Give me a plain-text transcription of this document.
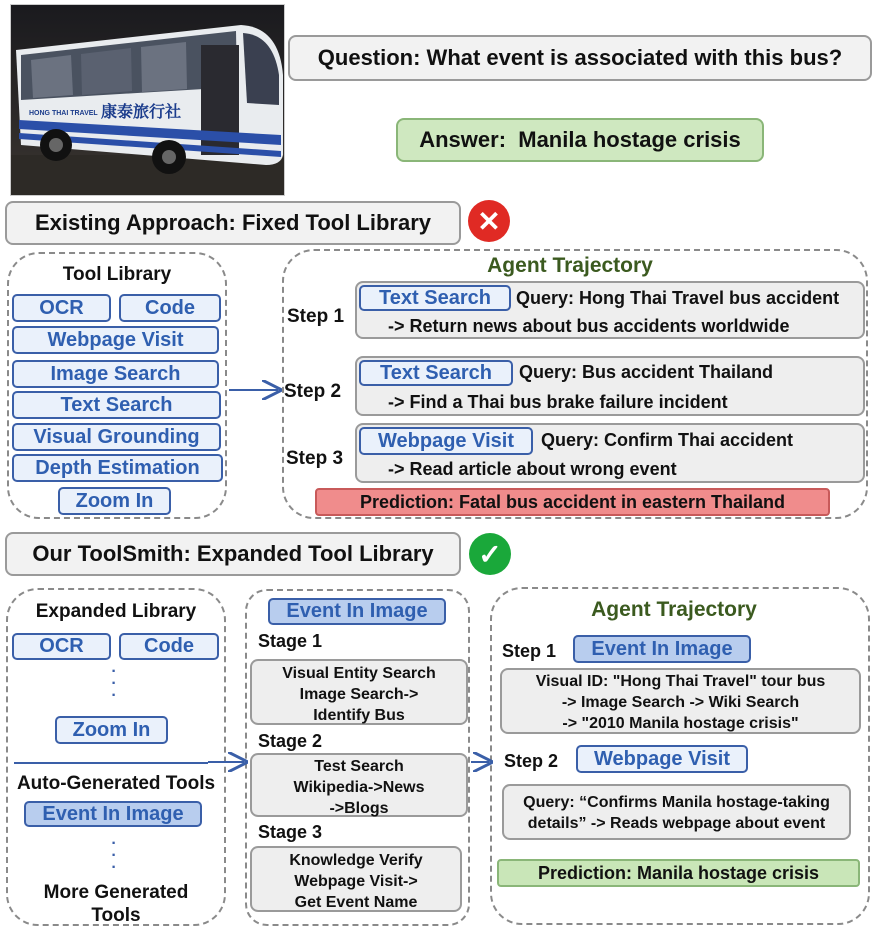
HONG THAI TRAVEL 康泰旅行社
Question: What event is associated with this bus?
Answer:  Manila hostage crisis
Existing Approach: Fixed Tool Library	✕
Tool Library
OCR	Code
Webpage Visit
Image Search
Text Search
Visual Grounding
Depth Estimation
Zoom In
Agent Trajectory
Step 1
Text Search	Query: Hong Thai Travel bus accident
-> Return news about bus accidents worldwide
Step 2
Text Search	Query: Bus accident Thailand
-> Find a Thai bus brake failure incident
Step 3
Webpage Visit	Query: Confirm Thai accident
-> Read article about wrong event
Prediction: Fatal bus accident in eastern Thailand
Our ToolSmith: Expanded Tool Library	✓
Expanded Library
OCR	Code
·
·
·
Zoom In
Auto-Generated Tools
Event In Image
·
·
·
More Generated
Tools
Event In Image
Stage 1
Visual Entity Search
Image Search->
Identify Bus
Stage 2
Test Search
Wikipedia->News
->Blogs
Stage 3
Knowledge Verify
Webpage Visit->
Get Event Name
Agent Trajectory
Step 1	Event In Image
Visual ID: "Hong Thai Travel" tour bus
-> Image Search -> Wiki Search
-> "2010 Manila hostage crisis"
Step 2	Webpage Visit
Query: “Confirms Manila hostage-taking
details” -> Reads webpage about event
Prediction: Manila hostage crisis
